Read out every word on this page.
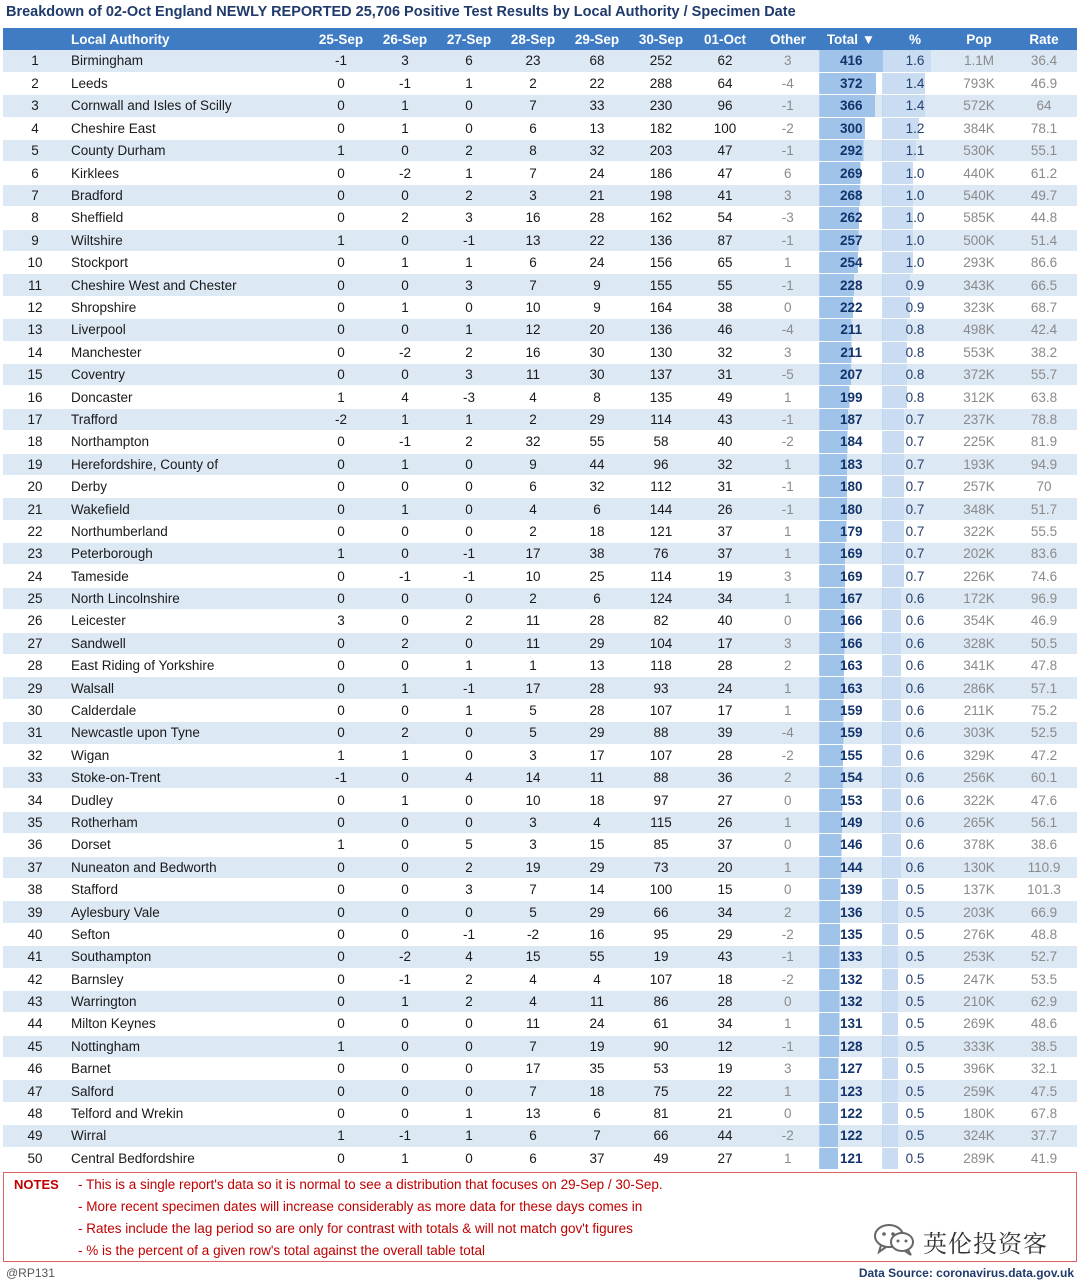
Breakdown of 02-Oct England NEWLY REPORTED 25,706 Positive Test Results by Local Authority / Specimen Date
	Local Authority	25-Sep	26-Sep	27-Sep	28-Sep	29-Sep	30-Sep	01-Oct	Other	Total ▼	%	Pop	Rate
1	Birmingham	-1	3	6	23	68	252	62	3	416	1.6	1.1M	36.4
2	Leeds	0	-1	1	2	22	288	64	-4	372	1.4	793K	46.9
3	Cornwall and Isles of Scilly	0	1	0	7	33	230	96	-1	366	1.4	572K	64
4	Cheshire East	0	1	0	6	13	182	100	-2	300	1.2	384K	78.1
5	County Durham	1	0	2	8	32	203	47	-1	292	1.1	530K	55.1
6	Kirklees	0	-2	1	7	24	186	47	6	269	1.0	440K	61.2
7	Bradford	0	0	2	3	21	198	41	3	268	1.0	540K	49.7
8	Sheffield	0	2	3	16	28	162	54	-3	262	1.0	585K	44.8
9	Wiltshire	1	0	-1	13	22	136	87	-1	257	1.0	500K	51.4
10	Stockport	0	1	1	6	24	156	65	1	254	1.0	293K	86.6
11	Cheshire West and Chester	0	0	3	7	9	155	55	-1	228	0.9	343K	66.5
12	Shropshire	0	1	0	10	9	164	38	0	222	0.9	323K	68.7
13	Liverpool	0	0	1	12	20	136	46	-4	211	0.8	498K	42.4
14	Manchester	0	-2	2	16	30	130	32	3	211	0.8	553K	38.2
15	Coventry	0	0	3	11	30	137	31	-5	207	0.8	372K	55.7
16	Doncaster	1	4	-3	4	8	135	49	1	199	0.8	312K	63.8
17	Trafford	-2	1	1	2	29	114	43	-1	187	0.7	237K	78.8
18	Northampton	0	-1	2	32	55	58	40	-2	184	0.7	225K	81.9
19	Herefordshire, County of	0	1	0	9	44	96	32	1	183	0.7	193K	94.9
20	Derby	0	0	0	6	32	112	31	-1	180	0.7	257K	70
21	Wakefield	0	1	0	4	6	144	26	-1	180	0.7	348K	51.7
22	Northumberland	0	0	0	2	18	121	37	1	179	0.7	322K	55.5
23	Peterborough	1	0	-1	17	38	76	37	1	169	0.7	202K	83.6
24	Tameside	0	-1	-1	10	25	114	19	3	169	0.7	226K	74.6
25	North Lincolnshire	0	0	0	2	6	124	34	1	167	0.6	172K	96.9
26	Leicester	3	0	2	11	28	82	40	0	166	0.6	354K	46.9
27	Sandwell	0	2	0	11	29	104	17	3	166	0.6	328K	50.5
28	East Riding of Yorkshire	0	0	1	1	13	118	28	2	163	0.6	341K	47.8
29	Walsall	0	1	-1	17	28	93	24	1	163	0.6	286K	57.1
30	Calderdale	0	0	1	5	28	107	17	1	159	0.6	211K	75.2
31	Newcastle upon Tyne	0	2	0	5	29	88	39	-4	159	0.6	303K	52.5
32	Wigan	1	1	0	3	17	107	28	-2	155	0.6	329K	47.2
33	Stoke-on-Trent	-1	0	4	14	11	88	36	2	154	0.6	256K	60.1
34	Dudley	0	1	0	10	18	97	27	0	153	0.6	322K	47.6
35	Rotherham	0	0	0	3	4	115	26	1	149	0.6	265K	56.1
36	Dorset	1	0	5	3	15	85	37	0	146	0.6	378K	38.6
37	Nuneaton and Bedworth	0	0	2	19	29	73	20	1	144	0.6	130K	110.9
38	Stafford	0	0	3	7	14	100	15	0	139	0.5	137K	101.3
39	Aylesbury Vale	0	0	0	5	29	66	34	2	136	0.5	203K	66.9
40	Sefton	0	0	-1	-2	16	95	29	-2	135	0.5	276K	48.8
41	Southampton	0	-2	4	15	55	19	43	-1	133	0.5	253K	52.7
42	Barnsley	0	-1	2	4	4	107	18	-2	132	0.5	247K	53.5
43	Warrington	0	1	2	4	11	86	28	0	132	0.5	210K	62.9
44	Milton Keynes	0	0	0	11	24	61	34	1	131	0.5	269K	48.6
45	Nottingham	1	0	0	7	19	90	12	-1	128	0.5	333K	38.5
46	Barnet	0	0	0	17	35	53	19	3	127	0.5	396K	32.1
47	Salford	0	0	0	7	18	75	22	1	123	0.5	259K	47.5
48	Telford and Wrekin	0	0	1	13	6	81	21	0	122	0.5	180K	67.8
49	Wirral	1	-1	1	6	7	66	44	-2	122	0.5	324K	37.7
50	Central Bedfordshire	0	1	0	6	37	49	27	1	121	0.5	289K	41.9
NOTES - This is a single report's data so it is normal to see a distribution that focuses on 29-Sep / 30-Sep.
- More recent specimen dates will increase considerably as more data for these days comes in
- Rates include the lag period so are only for contrast with totals & will not match gov't figures
- % is the percent of a given row's total against the overall table total	英伦投资客
@RP131	Data Source: coronavirus.data.gov.uk
